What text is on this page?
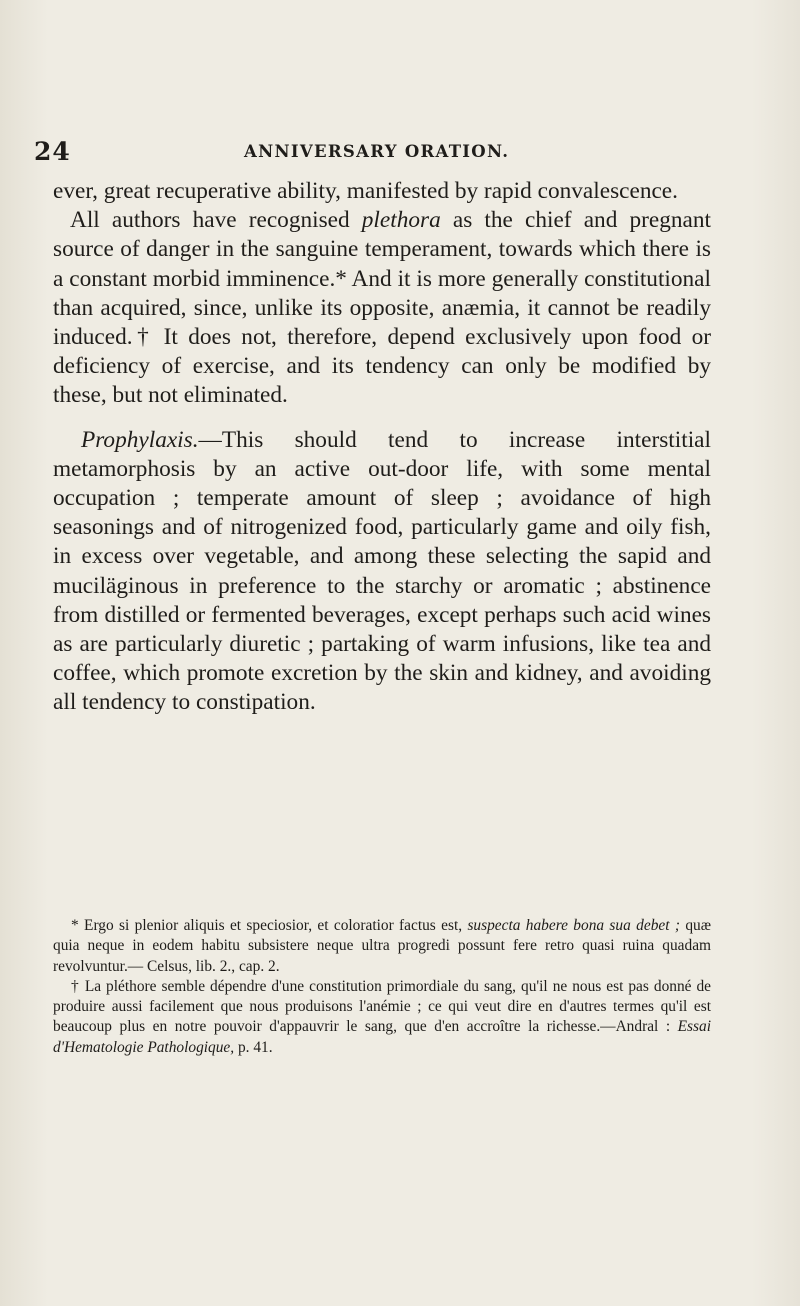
24	ANNIVERSARY ORATION.

ever, great recuperative ability, manifested by rapid convalescence.

All authors have recognised plethora as the chief and pregnant source of danger in the sanguine temperament, towards which there is a constant morbid imminence.* And it is more generally constitutional than acquired, since, unlike its opposite, anæmia, it cannot be readily induced.† It does not, therefore, depend exclusively upon food or deficiency of exercise, and its tendency can only be modified by these, but not eliminated.

Prophylaxis.—This should tend to increase interstitial metamorphosis by an active out-door life, with some mental occupation ; temperate amount of sleep ; avoidance of high seasonings and of nitrogenized food, particularly game and oily fish, in excess over vegetable, and among these selecting the sapid and muciläginous in preference to the starchy or aromatic ; abstinence from distilled or fermented beverages, except perhaps such acid wines as are particularly diuretic ; partaking of warm infusions, like tea and coffee, which promote excretion by the skin and kidney, and avoiding all tendency to constipation.

* Ergo si plenior aliquis et speciosior, et coloratior factus est, suspecta habere bona sua debet ; quæ quia neque in eodem habitu subsistere neque ultra progredi possunt fere retro quasi ruina quadam revolvuntur.— Celsus, lib. 2., cap. 2.

† La pléthore semble dépendre d'une constitution primordiale du sang, qu'il ne nous est pas donné de produire aussi facilement que nous produisons l'anémie ; ce qui veut dire en d'autres termes qu'il est beaucoup plus en notre pouvoir d'appauvrir le sang, que d'en accroître la richesse.—Andral : Essai d'Hematologie Pathologique, p. 41.
